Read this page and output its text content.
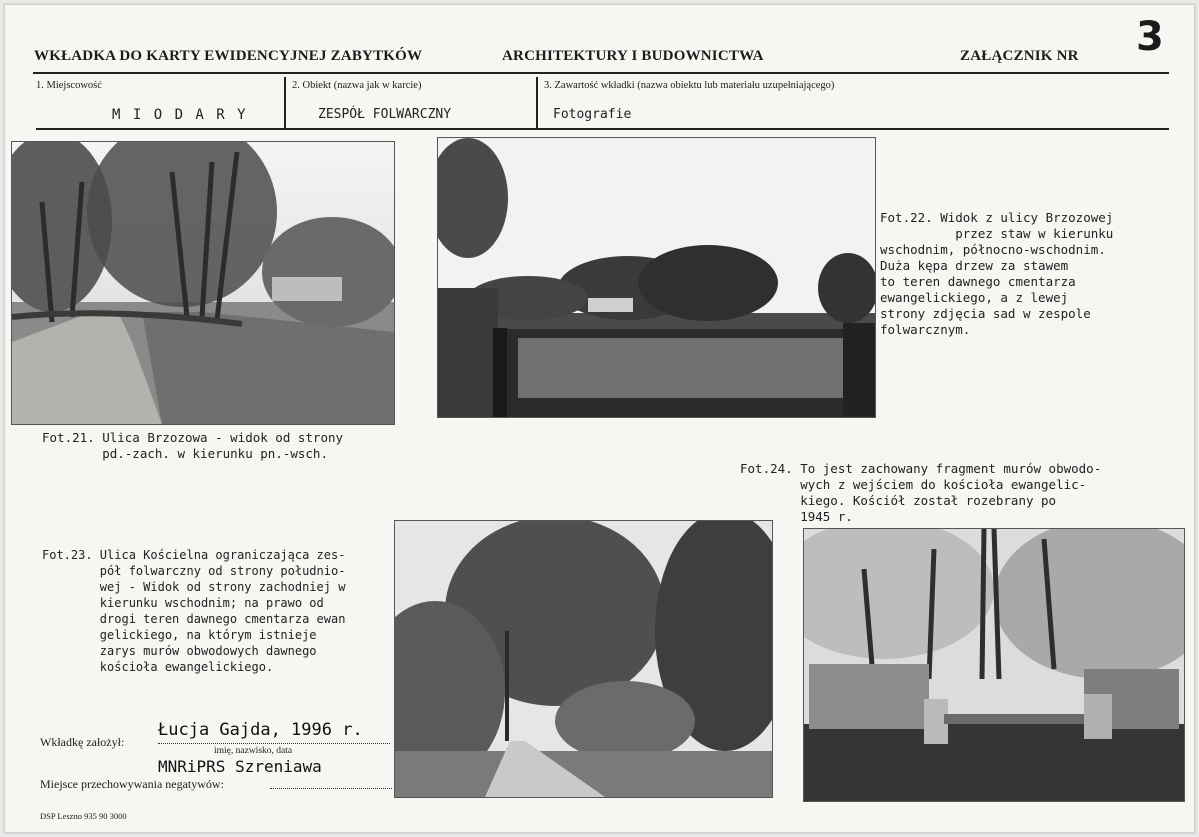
WKŁADKA DO KARTY EWIDENCYJNEJ ZABYTKÓW	ARCHITEKTURY I BUDOWNICTWA	ZAŁĄCZNIK NR 3
1. Miejscowość
M I O D A R Y
2. Obiekt (nazwa jak w karcie)
ZESPÓŁ FOLWARCZNY
3. Zawartość wkładki (nazwa obiektu lub materiału uzupełniającego)
Fotografie
Fot.21. Ulica Brzozowa - widok od strony
pd.-zach. w kierunku pn.-wsch.
Fot.22. Widok z ulicy Brzozowej
przez staw w kierunku
wschodnim, północno-wschodnim.
Duża kępa drzew za stawem
to teren dawnego cmentarza
ewangelickiego, a z lewej
strony zdjęcia sad w zespole
folwarcznym.
Fot.23. Ulica Kościelna ograniczająca zes-
pół folwarczny od strony południo-
wej - Widok od strony zachodniej w
kierunku wschodnim; na prawo od
drogi teren dawnego cmentarza ewan
gelickiego, na którym istnieje
zarys murów obwodowych dawnego
kościoła ewangelickiego.
Fot.24. To jest zachowany fragment murów obwodo-
wych z wejściem do kościoła ewangelic-
kiego. Kościół został rozebrany po
1945 r.
Wkładkę założył:
Łucja Gajda, 1996 r.
imię, nazwisko, data
MNRiPRS Szreniawa
Miejsce przechowywania negatywów:
DSP Leszno 935 90 3000
